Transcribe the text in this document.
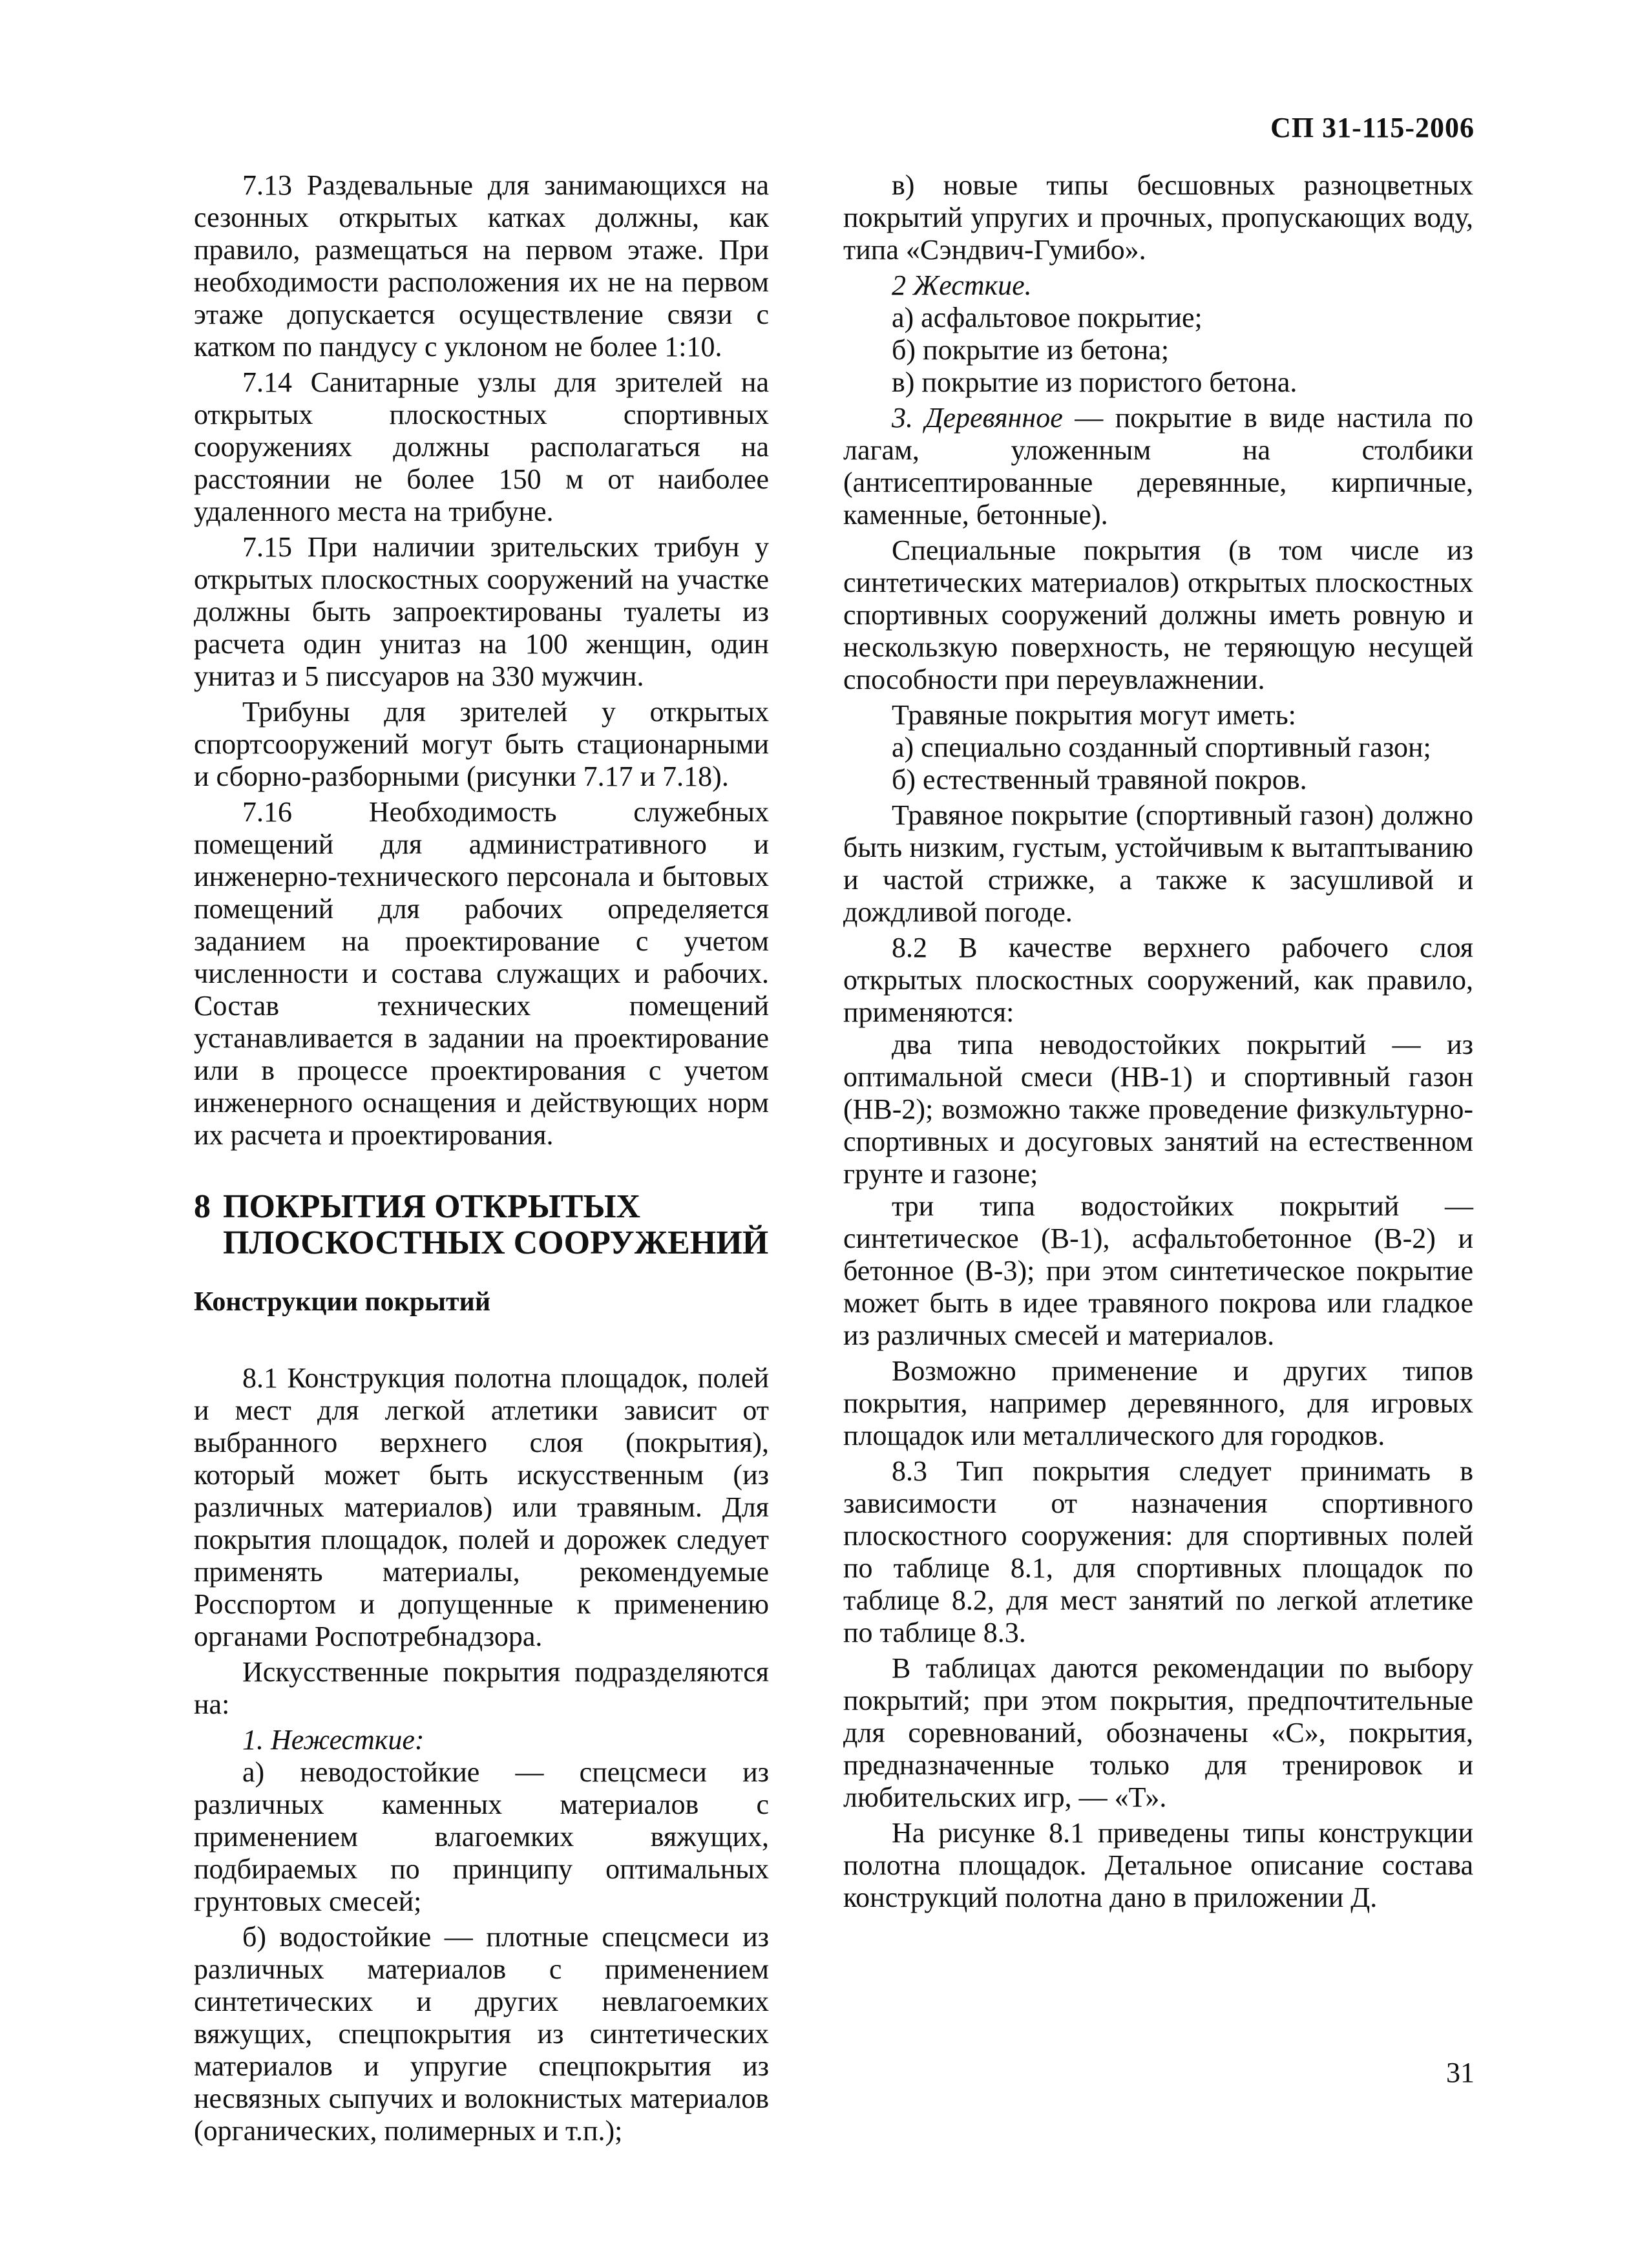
СП 31-115-2006

7.13 Раздевальные для занимающихся на сезонных открытых катках должны, как правило, размещаться на первом этаже. При необходимости расположения их не на первом этаже допускается осуществление связи с катком по пандусу с уклоном не более 1:10.

7.14 Санитарные узлы для зрителей на открытых плоскостных спортивных сооружениях должны располагаться на расстоянии не более 150 м от наиболее удаленного места на трибуне.

7.15 При наличии зрительских трибун у открытых плоскостных сооружений на участке должны быть запроектированы туалеты из расчета один унитаз на 100 женщин, один унитаз и 5 писсуаров на 330 мужчин.

Трибуны для зрителей у открытых спортсооружений могут быть стационарными и сборно-разборными (рисунки 7.17 и 7.18).

7.16 Необходимость служебных помещений для административного и инженерно-технического персонала и бытовых помещений для рабочих определяется заданием на проектирование с учетом численности и состава служащих и рабочих. Состав технических помещений устанавливается в задании на проектирование или в процессе проектирования с учетом инженерного оснащения и действующих норм их расчета и проектирования.

8 ПОКРЫТИЯ ОТКРЫТЫХ
ПЛОСКОСТНЫХ СООРУЖЕНИЙ
Конструкции покрытий

8.1 Конструкция полотна площадок, полей и мест для легкой атлетики зависит от выбранного верхнего слоя (покрытия), который может быть искусственным (из различных материалов) или травяным. Для покрытия площадок, полей и дорожек следует применять материалы, рекомендуемые Росспортом и допущенные к применению органами Роспотребнадзора.

Искусственные покрытия подразделяются на:

1. Нежесткие:

а) неводостойкие — спецсмеси из различных каменных материалов с применением влагоемких вяжущих, подбираемых по принципу оптимальных грунтовых смесей;

б) водостойкие — плотные спецсмеси из различных материалов с применением синтетических и других невлагоемких вяжущих, спецпокрытия из синтетических материалов и упругие спецпокрытия из несвязных сыпучих и волокнистых материалов (органических, полимерных и т.п.);

в) новые типы бесшовных разноцветных покрытий упругих и прочных, пропускающих воду, типа «Сэндвич-Гумибо».

2 Жесткие.

а) асфальтовое покрытие;

б) покрытие из бетона;

в) покрытие из пористого бетона.

3. Деревянное — покрытие в виде настила по лагам, уложенным на столбики (антисептированные деревянные, кирпичные, каменные, бетонные).

Специальные покрытия (в том числе из синтетических материалов) открытых плоскостных спортивных сооружений должны иметь ровную и нескользкую поверхность, не теряющую несущей способности при переувлажнении.

Травяные покрытия могут иметь:

а) специально созданный спортивный газон;

б) естественный травяной покров.

Травяное покрытие (спортивный газон) должно быть низким, густым, устойчивым к вытаптыванию и частой стрижке, а также к засушливой и дождливой погоде.

8.2 В качестве верхнего рабочего слоя открытых плоскостных сооружений, как правило, применяются:

два типа неводостойких покрытий — из оптимальной смеси (НВ-1) и спортивный газон (НВ-2); возможно также проведение физкультурно-спортивных и досуговых занятий на естественном грунте и газоне;

три типа водостойких покрытий — синтетическое (В-1), асфальтобетонное (В-2) и бетонное (В-3); при этом синтетическое покрытие может быть в идее травяного покрова или гладкое из различных смесей и материалов.

Возможно применение и других типов покрытия, например деревянного, для игровых площадок или металлического для городков.

8.3 Тип покрытия следует принимать в зависимости от назначения спортивного плоскостного сооружения: для спортивных полей по таблице 8.1, для спортивных площадок по таблице 8.2, для мест занятий по легкой атлетике по таблице 8.3.

В таблицах даются рекомендации по выбору покрытий; при этом покрытия, предпочтительные для соревнований, обозначены «С», покрытия, предназначенные только для тренировок и любительских игр, — «Т».

На рисунке 8.1 приведены типы конструкции полотна площадок. Детальное описание состава конструкций полотна дано в приложении Д.

31
